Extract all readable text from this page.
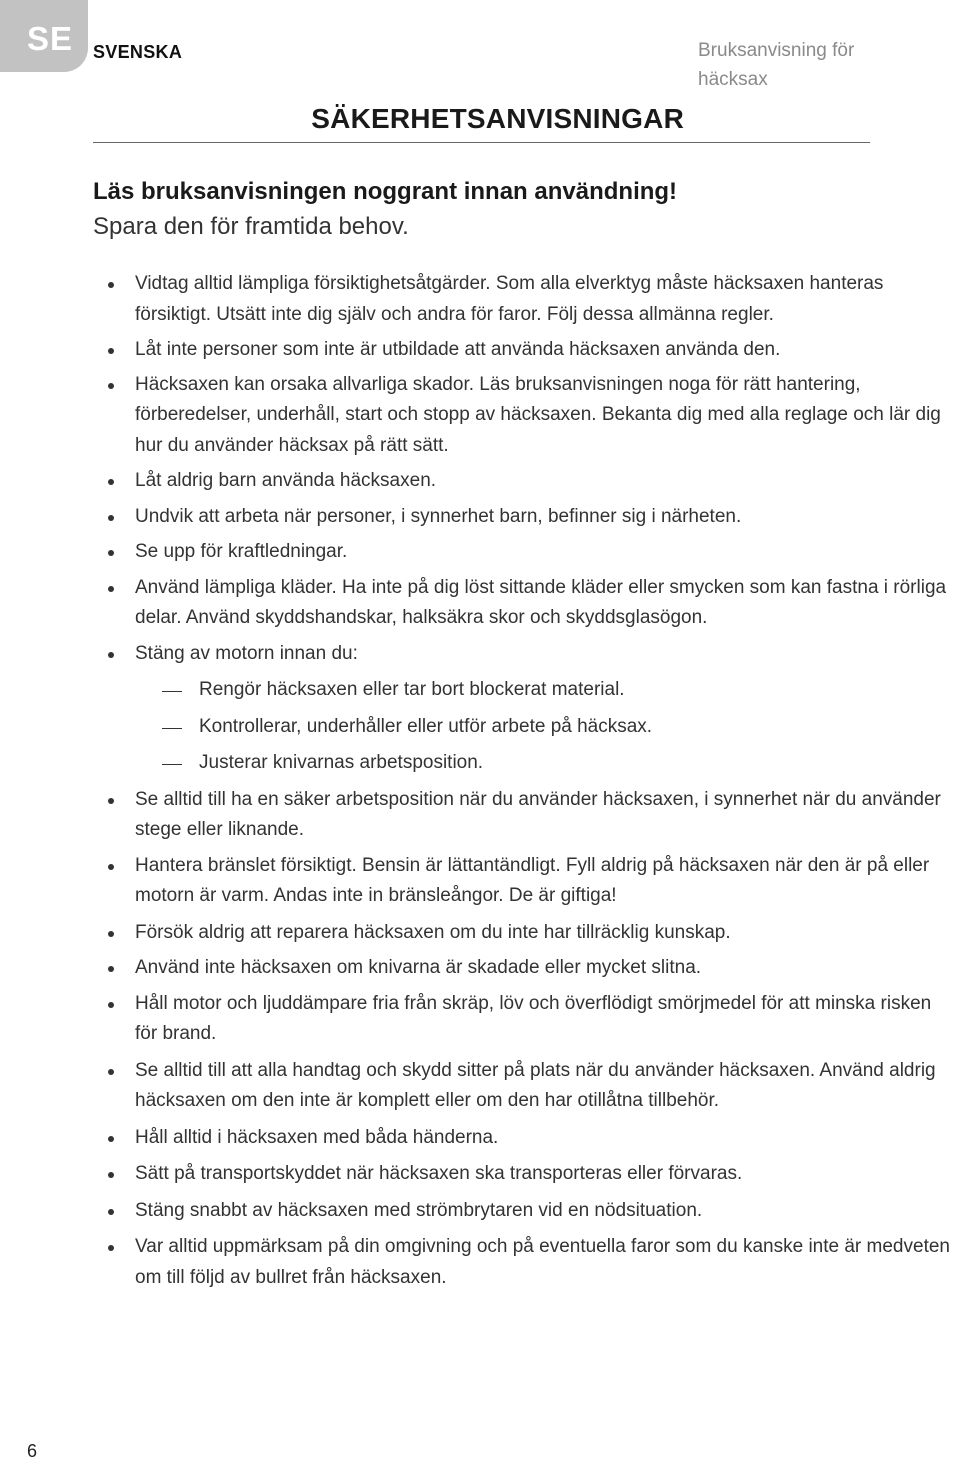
SE SVENSKA	Bruksanvisning för häcksax
SÄKERHETSANVISNINGAR
Läs bruksanvisningen noggrant innan användning!
Spara den för framtida behov.
Vidtag alltid lämpliga försiktighetsåtgärder. Som alla elverktyg måste häcksaxen hanteras försiktigt. Utsätt inte dig själv och andra för faror. Följ dessa allmänna regler.
Låt inte personer som inte är utbildade att använda häcksaxen använda den.
Häcksaxen kan orsaka allvarliga skador. Läs bruksanvisningen noga för rätt hantering, förberedelser, underhåll, start och stopp av häcksaxen. Bekanta dig med alla reglage och lär dig hur du använder häcksax på rätt sätt.
Låt aldrig barn använda häcksaxen.
Undvik att arbeta när personer, i synnerhet barn, befinner sig i närheten.
Se upp för kraftledningar.
Använd lämpliga kläder. Ha inte på dig löst sittande kläder eller smycken som kan fastna i rörliga delar. Använd skyddshandskar, halksäkra skor och skyddsglasögon.
Stäng av motorn innan du:
Rengör häcksaxen eller tar bort blockerat material.
Kontrollerar, underhåller eller utför arbete på häcksax.
Justerar knivarnas arbetsposition.
Se alltid till ha en säker arbetsposition när du använder häcksaxen, i synnerhet när du använder stege eller liknande.
Hantera bränslet försiktigt. Bensin är lättantändligt. Fyll aldrig på häcksaxen när den är på eller motorn är varm. Andas inte in bränsleångor. De är giftiga!
Försök aldrig att reparera häcksaxen om du inte har tillräcklig kunskap.
Använd inte häcksaxen om knivarna är skadade eller mycket slitna.
Håll motor och ljuddämpare fria från skräp, löv och överflödigt smörjmedel för att minska risken för brand.
Se alltid till att alla handtag och skydd sitter på plats när du använder häcksaxen. Använd aldrig häcksaxen om den inte är komplett eller om den har otillåtna tillbehör.
Håll alltid i häcksaxen med båda händerna.
Sätt på transportskyddet när häcksaxen ska transporteras eller förvaras.
Stäng snabbt av häcksaxen med strömbrytaren vid en nödsituation.
Var alltid uppmärksam på din omgivning och på eventuella faror som du kanske inte är medveten om till följd av bullret från häcksaxen.
6
